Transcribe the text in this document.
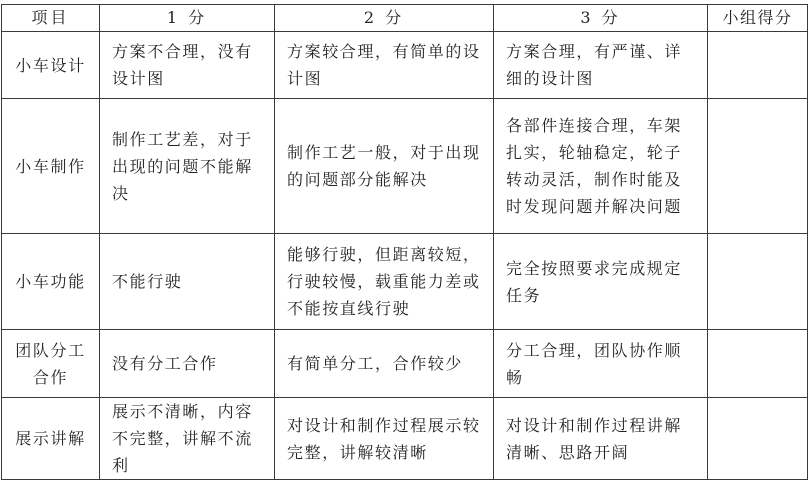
项目	1 分	2 分	3 分	小组得分
小车设计	方案不合理，没有设计图	方案较合理，有简单的设计图	方案合理，有严谨、详细的设计图	
小车制作	制作工艺差，对于出现的问题不能解决	制作工艺一般，对于出现的问题部分能解决	各部件连接合理，车架扎实，轮轴稳定，轮子转动灵活，制作时能及时发现问题并解决问题	
小车功能	不能行驶	能够行驶，但距离较短，行驶较慢，载重能力差或不能按直线行驶	完全按照要求完成规定任务	
团队分工合作	没有分工合作	有简单分工，合作较少	分工合理，团队协作顺畅	
展示讲解	展示不清晰，内容不完整，讲解不流利	对设计和制作过程展示较完整，讲解较清晰	对设计和制作过程讲解清晰、思路开阔	
